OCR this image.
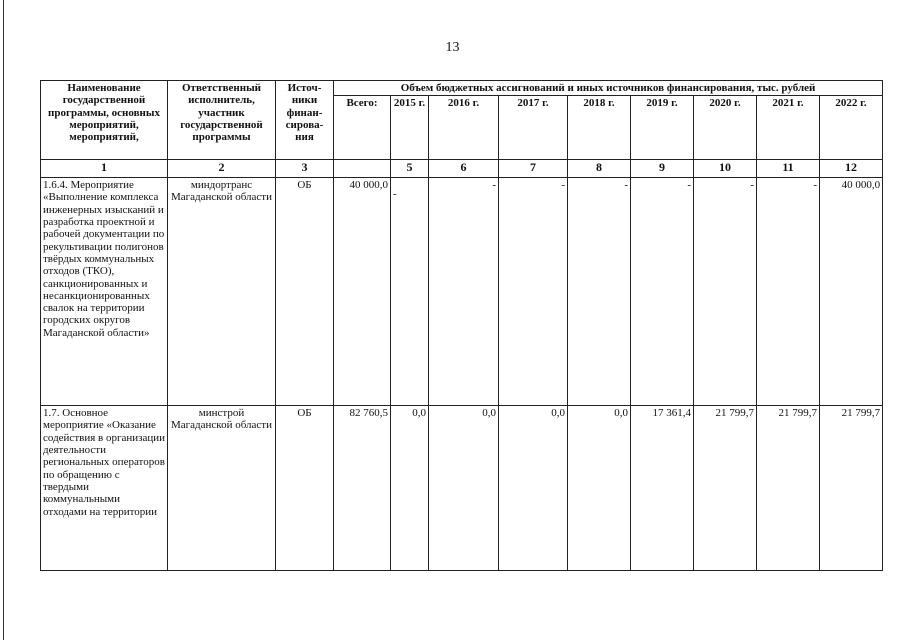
13
Наименование государственной программы, основных мероприятий, мероприятий,	Ответственный исполнитель, участник государственной программы	Источ-ники финан-сирова-ния	Объем бюджетных ассигнований и иных источников финансирования, тыс. рублей								
			Всего:	2015 г.	2016 г.	2017 г.	2018 г.	2019 г.	2020 г.	2021 г.	2022 г.
1	2	3		5	6	7	8	9	10	11	12
1.6.4. Мероприятие «Выполнение комплекса инженерных изысканий и разработка проектной и рабочей документации по рекультивации полигонов твёрдых коммунальных отходов (ТКО), санкционированных и несанкционированных свалок на территории городских округов Магаданской области»	миндортранс Магаданской области	ОБ	40 000,0	-	-	-	-	-	-	-	40 000,0
1.7. Основное мероприятие «Оказание содействия в организации деятельности региональных операторов по обращению с твердыми коммунальными отходами на территории	минстрой Магаданской области	ОБ	82 760,5	0,0	0,0	0,0	0,0	17 361,4	21 799,7	21 799,7	21 799,7
